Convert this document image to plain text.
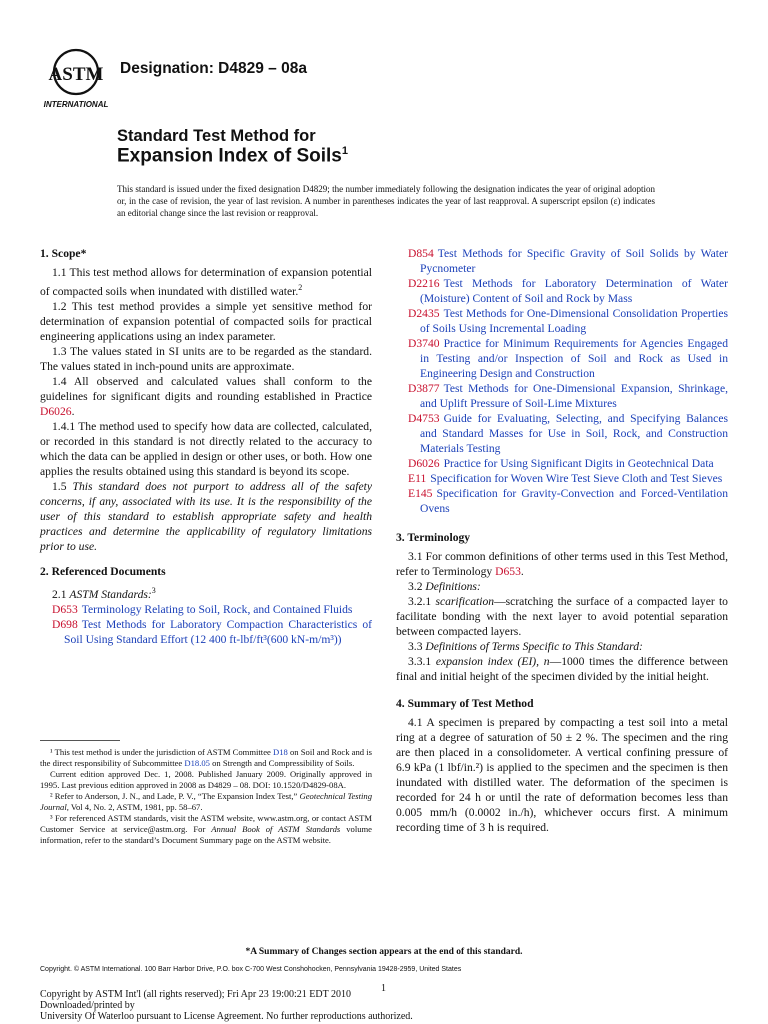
ASTM
INTERNATIONAL
Designation: D4829 – 08a
Standard Test Method for
Expansion Index of Soils$^1$
This standard is issued under the fixed designation D4829; the number immediately following the designation indicates the year of original adoption or, in the case of revision, the year of last revision. A number in parentheses indicates the year of last reapproval. A superscript epsilon (ε) indicates an editorial change since the last revision or reapproval.
1. Scope*

1.1 This test method allows for determination of expansion potential of compacted soils when inundated with distilled water.$^2$

1.2 This test method provides a simple yet sensitive method for determination of expansion potential of compacted soils for practical engineering applications using an index parameter.

1.3 The values stated in SI units are to be regarded as the standard. The values stated in inch-pound units are approximate.

1.4 All observed and calculated values shall conform to the guidelines for significant digits and rounding established in Practice D6026.

1.4.1 The method used to specify how data are collected, calculated, or recorded in this standard is not directly related to the accuracy to which the data can be applied in design or other uses, or both. How one applies the results obtained using this standard is beyond its scope.

1.5 This standard does not purport to address all of the safety concerns, if any, associated with its use. It is the responsibility of the user of this standard to establish appropriate safety and health practices and determine the applicability of regulatory limitations prior to use.

2. Referenced Documents

2.1 ASTM Standards:$^3$

D653 Terminology Relating to Soil, Rock, and Contained Fluids

D698 Test Methods for Laboratory Compaction Characteristics of Soil Using Standard Effort (12 400 ft-lbf/ft³(600 kN-m/m³))

¹ This test method is under the jurisdiction of ASTM Committee D18 on Soil and Rock and is the direct responsibility of Subcommittee D18.05 on Strength and Compressibility of Soils.

Current edition approved Dec. 1, 2008. Published January 2009. Originally approved in 1995. Last previous edition approved in 2008 as D4829 – 08. DOI: 10.1520/D4829-08A.

² Refer to Anderson, J. N., and Lade, P. V., “The Expansion Index Test,” Geotechnical Testing Journal, Vol 4, No. 2, ASTM, 1981, pp. 58–67.

³ For referenced ASTM standards, visit the ASTM website, www.astm.org, or contact ASTM Customer Service at service@astm.org. For Annual Book of ASTM Standards volume information, refer to the standard’s Document Summary page on the ASTM website.

D854 Test Methods for Specific Gravity of Soil Solids by Water Pycnometer

D2216 Test Methods for Laboratory Determination of Water (Moisture) Content of Soil and Rock by Mass

D2435 Test Methods for One-Dimensional Consolidation Properties of Soils Using Incremental Loading

D3740 Practice for Minimum Requirements for Agencies Engaged in Testing and/or Inspection of Soil and Rock as Used in Engineering Design and Construction

D3877 Test Methods for One-Dimensional Expansion, Shrinkage, and Uplift Pressure of Soil-Lime Mixtures

D4753 Guide for Evaluating, Selecting, and Specifying Balances and Standard Masses for Use in Soil, Rock, and Construction Materials Testing

D6026 Practice for Using Significant Digits in Geotechnical Data

E11 Specification for Woven Wire Test Sieve Cloth and Test Sieves

E145 Specification for Gravity-Convection and Forced-Ventilation Ovens

3. Terminology

3.1 For common definitions of other terms used in this Test Method, refer to Terminology D653.

3.2 Definitions:

3.2.1 scarification—scratching the surface of a compacted layer to facilitate bonding with the next layer to avoid potential separation between compacted layers.

3.3 Definitions of Terms Specific to This Standard:

3.3.1 expansion index (EI), n—1000 times the difference between final and initial height of the specimen divided by the initial height.

4. Summary of Test Method

4.1 A specimen is prepared by compacting a test soil into a metal ring at a degree of saturation of 50 ± 2 %. The specimen and the ring are then placed in a consolidometer. A vertical confining pressure of 6.9 kPa (1 lbf/in.²) is applied to the specimen and the specimen is then inundated with distilled water. The deformation of the specimen is recorded for 24 h or until the rate of deformation becomes less than 0.005 mm/h (0.0002 in./h), whichever occurs first. A minimum recording time of 3 h is required.

*A Summary of Changes section appears at the end of this standard.
Copyright. © ASTM International. 100 Barr Harbor Drive, P.O. box C-700 West Conshohocken, Pennsylvania 19428-2959, United States
1
Copyright by ASTM Int'l (all rights reserved); Fri Apr 23 19:00:21 EDT 2010
Downloaded/printed by
University Of Waterloo pursuant to License Agreement. No further reproductions authorized.
